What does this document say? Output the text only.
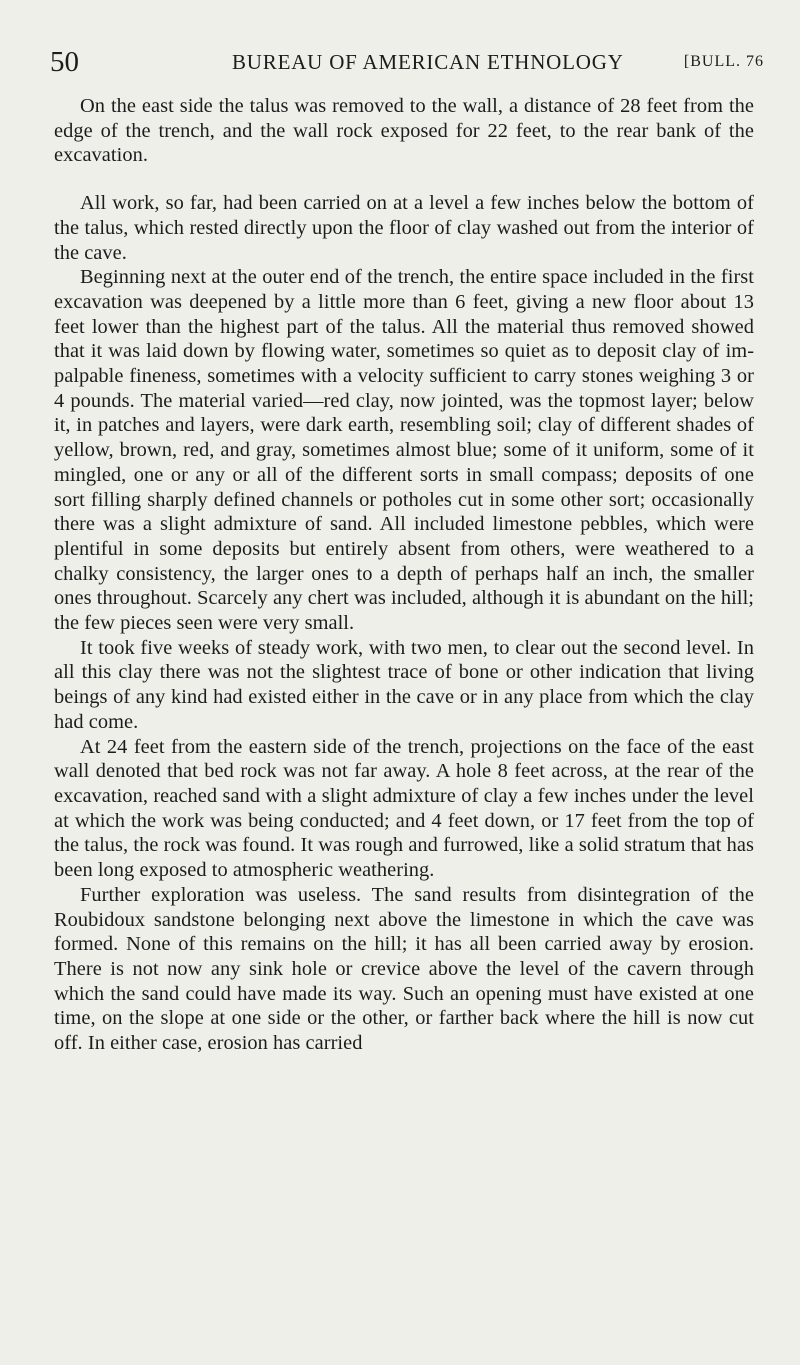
50	BUREAU OF AMERICAN ETHNOLOGY	[BULL. 76

On the east side the talus was removed to the wall, a distance of 28 feet from the edge of the trench, and the wall rock exposed for 22 feet, to the rear bank of the excavation.

All work, so far, had been carried on at a level a few inches below the bottom of the talus, which rested directly upon the floor of clay washed out from the interior of the cave.

Beginning next at the outer end of the trench, the entire space included in the first excavation was deepened by a little more than 6 feet, giving a new floor about 13 feet lower than the highest part of the talus. All the material thus removed showed that it was laid down by flowing water, sometimes so quiet as to deposit clay of impalpable fineness, sometimes with a velocity sufficient to carry stones weighing 3 or 4 pounds. The material varied—red clay, now jointed, was the topmost layer; below it, in patches and layers, were dark earth, resembling soil; clay of different shades of yellow, brown, red, and gray, sometimes almost blue; some of it uniform, some of it mingled, one or any or all of the different sorts in small compass; deposits of one sort filling sharply defined channels or potholes cut in some other sort; occasionally there was a slight admixture of sand. All included limestone pebbles, which were plentiful in some deposits but entirely absent from others, were weathered to a chalky consistency, the larger ones to a depth of perhaps half an inch, the smaller ones throughout. Scarcely any chert was included, although it is abundant on the hill; the few pieces seen were very small.

It took five weeks of steady work, with two men, to clear out the second level. In all this clay there was not the slightest trace of bone or other indication that living beings of any kind had existed either in the cave or in any place from which the clay had come.

At 24 feet from the eastern side of the trench, projections on the face of the east wall denoted that bed rock was not far away. A hole 8 feet across, at the rear of the excavation, reached sand with a slight admixture of clay a few inches under the level at which the work was being conducted; and 4 feet down, or 17 feet from the top of the talus, the rock was found. It was rough and furrowed, like a solid stratum that has been long exposed to atmospheric weathering.

Further exploration was useless. The sand results from disintegration of the Roubidoux sandstone belonging next above the limestone in which the cave was formed. None of this remains on the hill; it has all been carried away by erosion. There is not now any sink hole or crevice above the level of the cavern through which the sand could have made its way. Such an opening must have existed at one time, on the slope at one side or the other, or farther back where the hill is now cut off. In either case, erosion has carried
